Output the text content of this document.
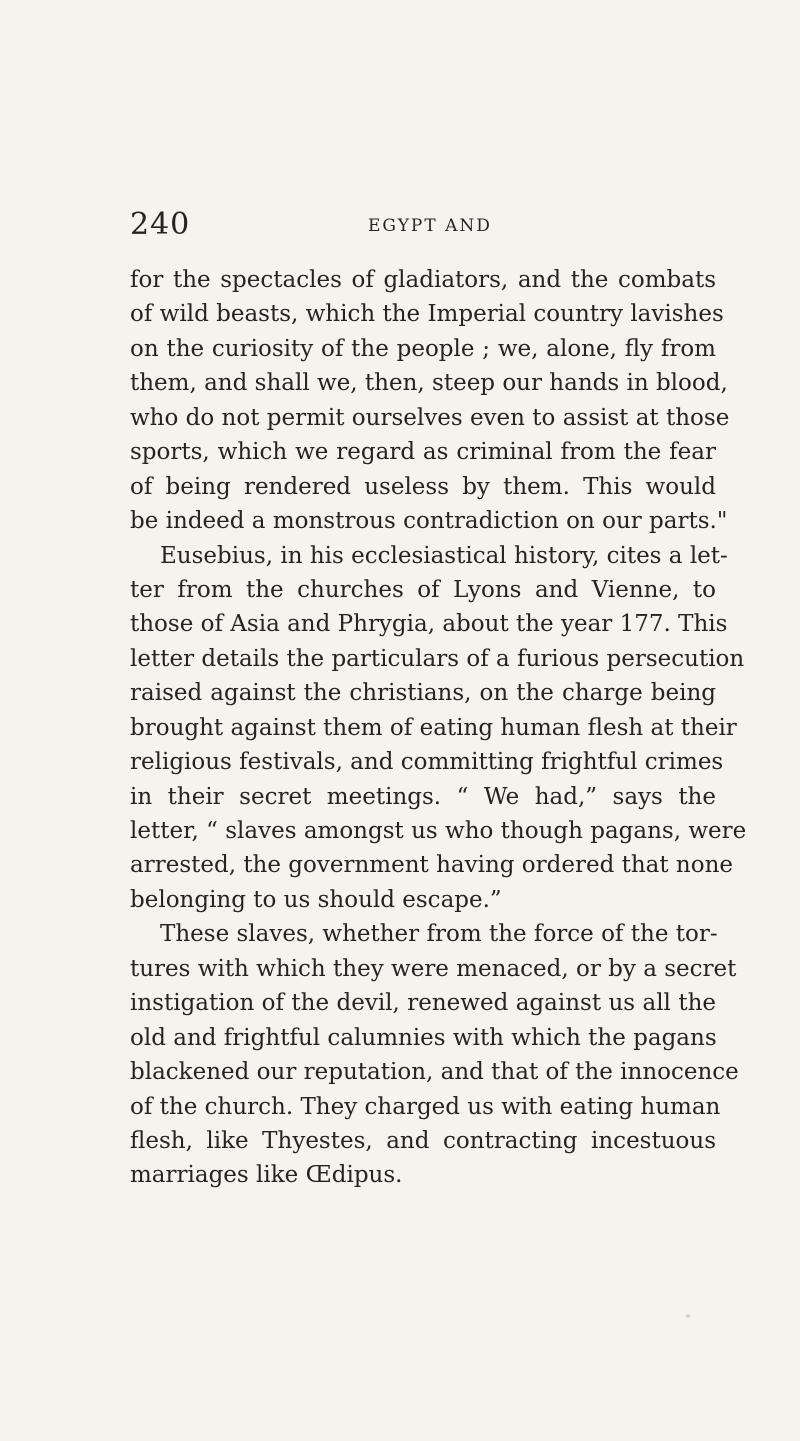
240	EGYPT AND
for the spectacles of gladiators, and the combats
of wild beasts, which the Imperial country lavishes
on the curiosity of the people ; we, alone, fly from
them, and shall we, then, steep our hands in blood,
who do not permit ourselves even to assist at those
sports, which we regard as criminal from the fear
of being rendered useless by them. This would
be indeed a monstrous contradiction on our parts."
Eusebius, in his ecclesiastical history, cites a let-
ter from the churches of Lyons and Vienne, to
those of Asia and Phrygia, about the year 177. This
letter details the particulars of a furious persecution
raised against the christians, on the charge being
brought against them of eating human flesh at their
religious festivals, and committing frightful crimes
in their secret meetings. “ We had,” says the
letter, “ slaves amongst us who though pagans, were
arrested, the government having ordered that none
belonging to us should escape.”
These slaves, whether from the force of the tor-
tures with which they were menaced, or by a secret
instigation of the devil, renewed against us all the
old and frightful calumnies with which the pagans
blackened our reputation, and that of the innocence
of the church. They charged us with eating human
flesh, like Thyestes, and contracting incestuous
marriages like Œdipus.
